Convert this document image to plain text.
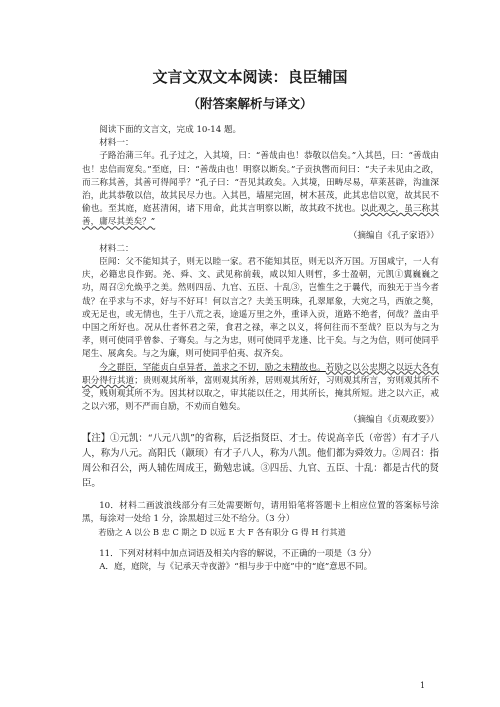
文言文双文本阅读：良臣辅国
（附答案解析与译文）

阅读下面的文言文，完成 10-14 题。

材料一：

子路治蒲三年。孔子过之，入其境，曰：“善哉由也！恭敬以信矣。”入其邑，曰：“善哉由也！忠信而宽矣。”至庭，曰：“善哉由也！明察以断矣。”子贡执辔而问曰：“夫子未见由之政，而三称其善，其善可得闻乎？”孔子曰：“吾见其政矣。入其境，田畴尽易，草莱甚辟，沟洫深治，此其恭敬以信，故其民尽力也。入其邑，墙屋完固，树木甚茂，此其忠信以宽，故其民不偷也。至其庭，庭甚清闲，诸下用命，此其言明察以断，故其政不扰也。以此观之，虽三称其善，庸尽其美矣？”

（摘编自《孔子家语》）

材料二：

臣闻：父不能知其子，则无以睦一家。君不能知其臣，则无以齐万国。万国咸宁，一人有庆，必籍忠良作弼。尧、舜、文、武见称前载，咸以知人则哲，多士盈朝，元凯①翼巍巍之功，周召②允焕乎之美。然则四岳、九官、五臣、十乱③，岂惟生之于曩代，而独无于当今者哉？在乎求与不求，好与不好耳！何以言之？夫美玉明珠，孔翠犀象，大宛之马，西旅之獒，或无足也，或无情也，生于八荒之表，途遥万里之外，重译入贡，道路不绝者，何哉？盖由乎中国之所好也。况从仕者怀君之荣，食君之禄，率之以义，将何往而不至哉？臣以为与之为孝，则可使同乎曾参、子骞矣。与之为忠，则可使同乎龙逢、比干矣。与之为信，则可使同乎尾生、展禽矣。与之为廉，则可使同乎伯夷、叔齐矣。

今之群臣，罕能贞白卓异者，盖求之不切，励之未精故也。若励之以公忠期之以远大各有职分得行其道；贵则观其所举，富则观其所养，居则观其所好，习则观其所言，穷则观其所不受，贱则观其所不为。因其材以取之，审其能以任之，用其所长，掩其所短。进之以六正，戒之以六邪，则不严而自励，不劝而自勉矣。

（摘编自《贞观政要》）

【注】①元凯：“八元八凯”的省称，后泛指贤臣、才士。传说高辛氏（帝喾）有才子八人，称为八元。高阳氏（颛顼）有才子八人，称为八凯。他们都为舜效力。②周召：指周公和召公，两人辅佐周成王，勤勉忠诚。③四岳、九官、五臣、十乱：都是古代的贤臣。

10．材料二画波浪线部分有三处需要断句，请用铅笔将答题卡上相应位置的答案标号涂黑，每涂对一处给 1 分，涂黑超过三处不给分。（3 分）

若励之 A 以公 B 忠 C 期之 D 以远 E 大 F 各有职分 G 得 H 行其道

11．下列对材料中加点词语及相关内容的解说，不正确的一项是（3 分）

A．庭，庭院，与《记承天寺夜游》“相与步于中庭”中的“庭”意思不同。

1
